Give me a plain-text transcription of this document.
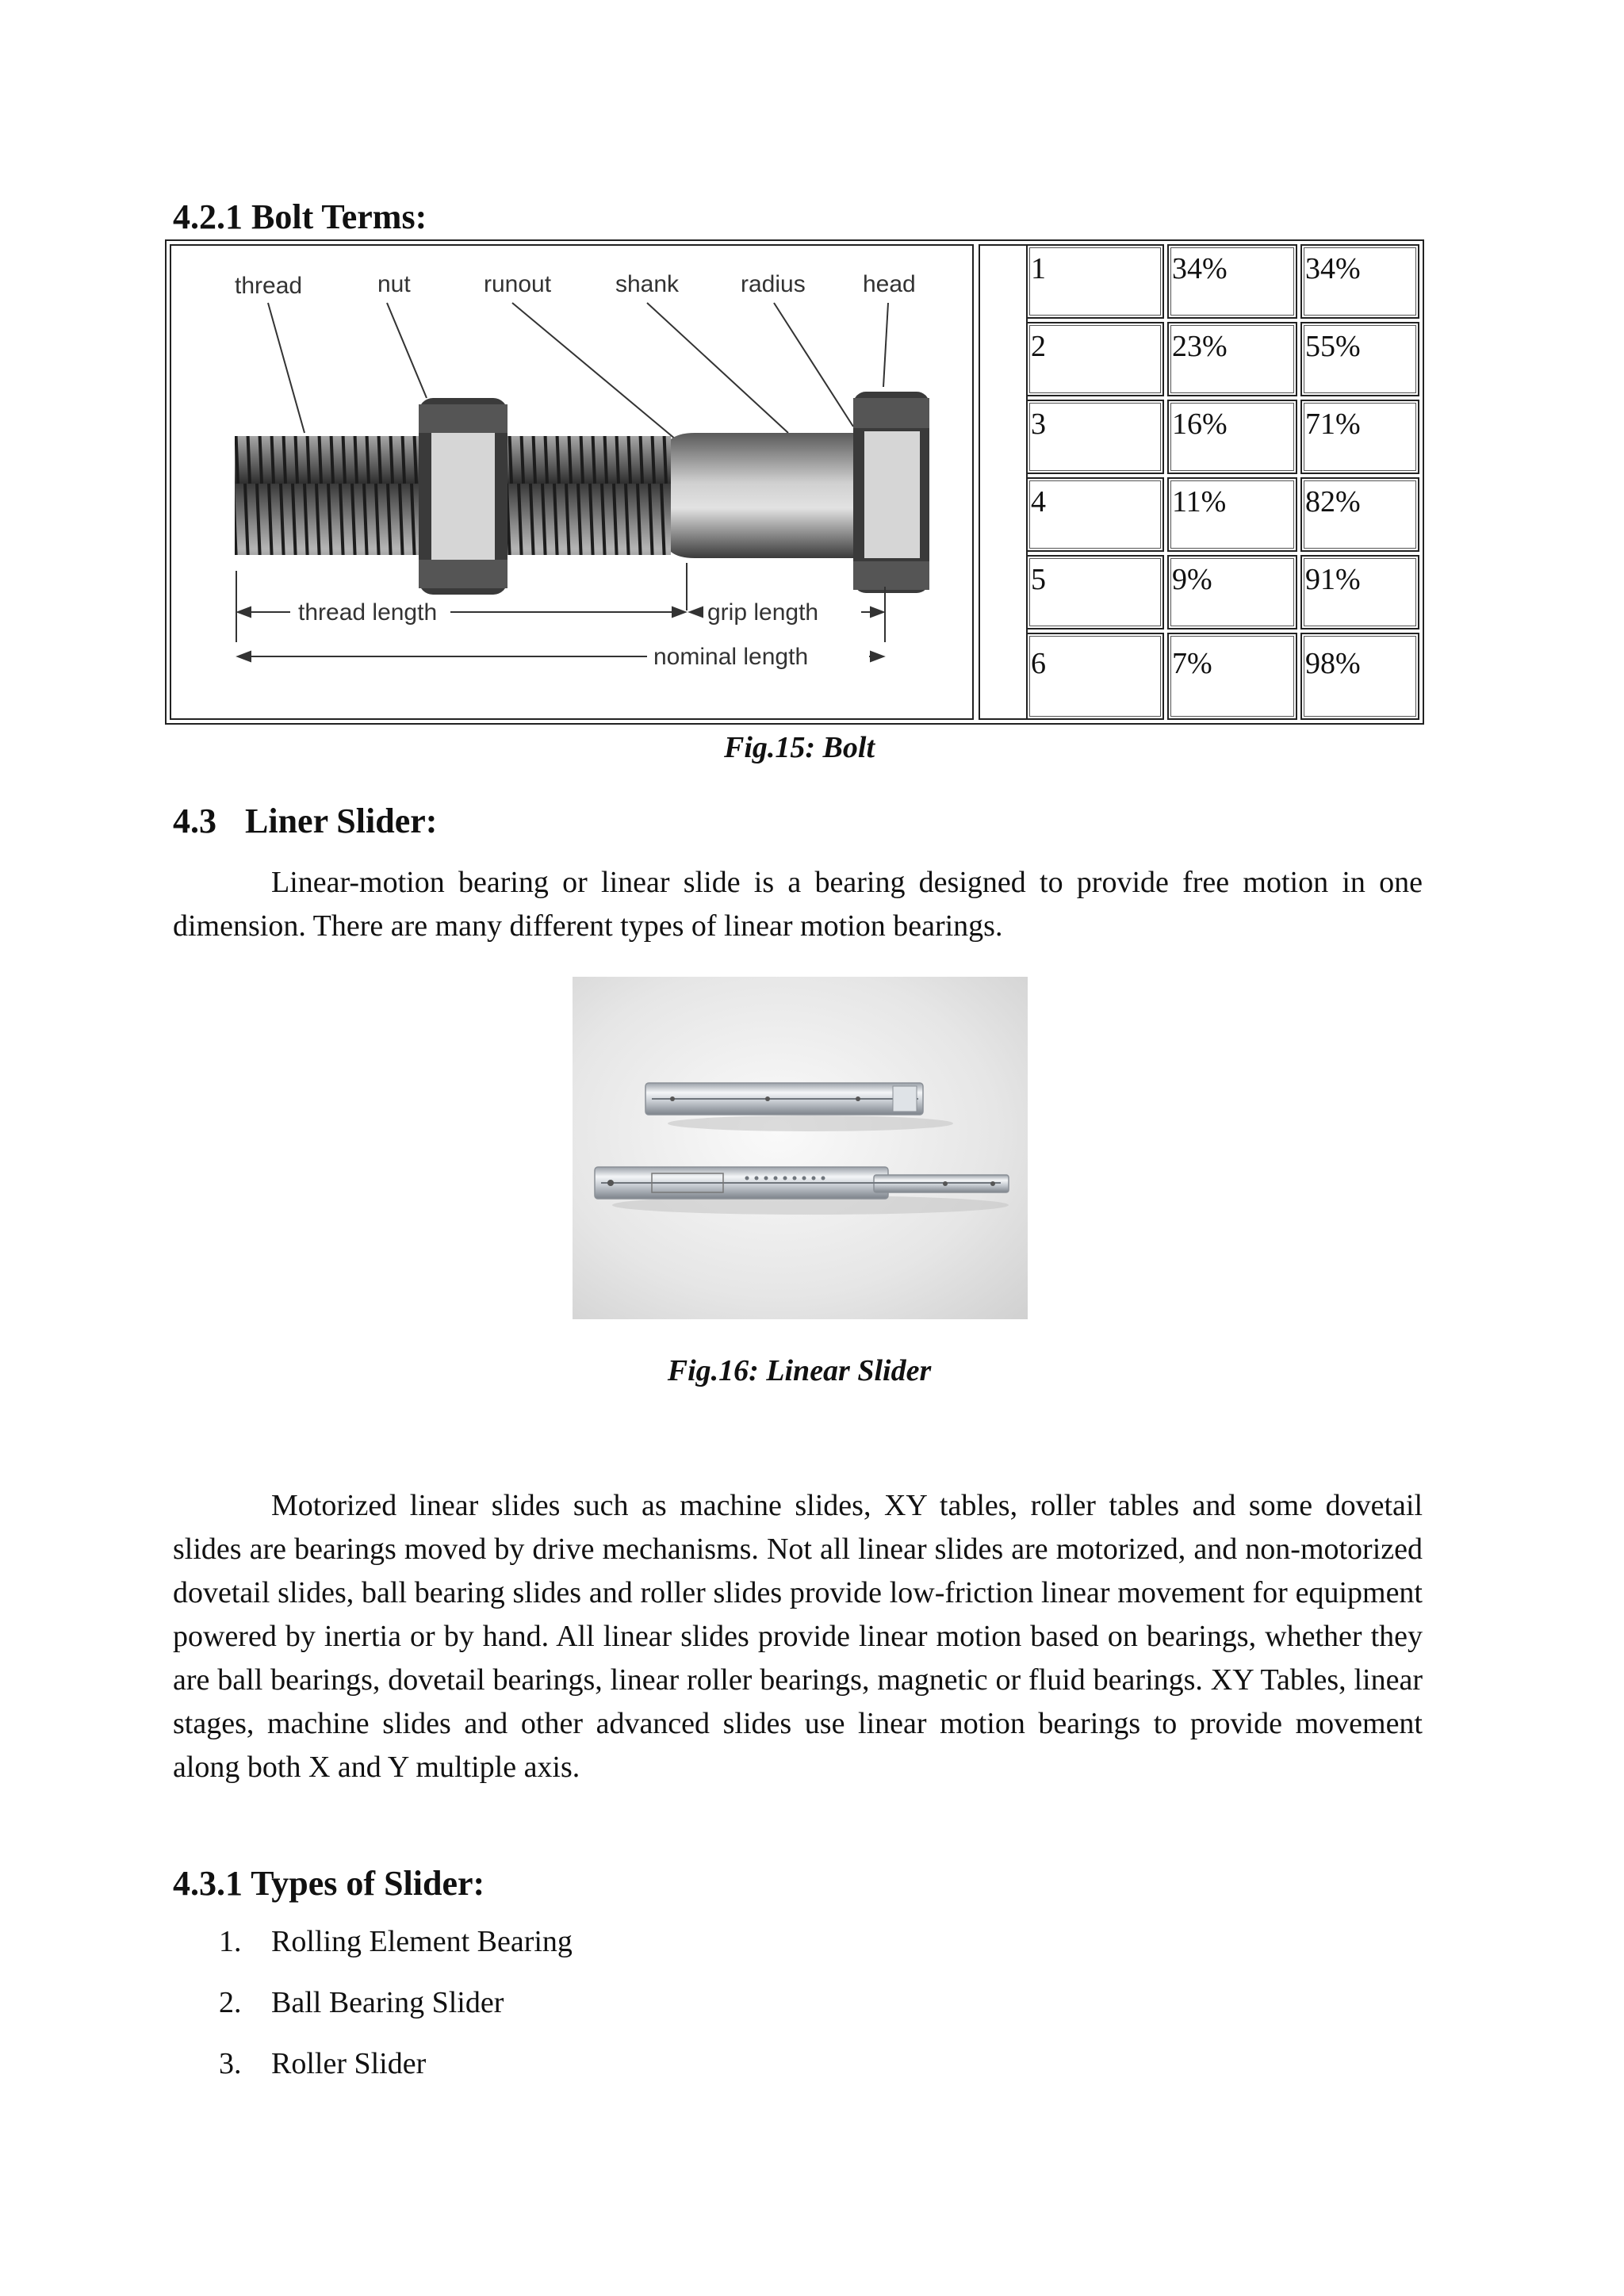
4.2.1 Bolt Terms:
thread	nut	runout	shank	radius head
thread length	grip length
nominal length
1	34%	34%
2	23%	55%
3	16%	71%
4	11%	82%
5	9%	91%
6	7%	98%
Fig.15: Bolt
4.3 Liner Slider:

Linear-motion bearing or linear slide is a bearing designed to provide free motion in one dimension. There are many different types of linear motion bearings.

Fig.16: Linear Slider

Motorized linear slides such as machine slides, XY tables, roller tables and some dovetail slides are bearings moved by drive mechanisms. Not all linear slides are motorized, and non-motorized dovetail slides, ball bearing slides and roller slides provide low-friction linear movement for equipment powered by inertia or by hand. All linear slides provide linear motion based on bearings, whether they are ball bearings, dovetail bearings, linear roller bearings, magnetic or fluid bearings. XY Tables, linear stages, machine slides and other advanced slides use linear motion bearings to provide movement along both X and Y multiple axis.

4.3.1 Types of Slider:
1. Rolling Element Bearing
2. Ball Bearing Slider
3. Roller Slider
